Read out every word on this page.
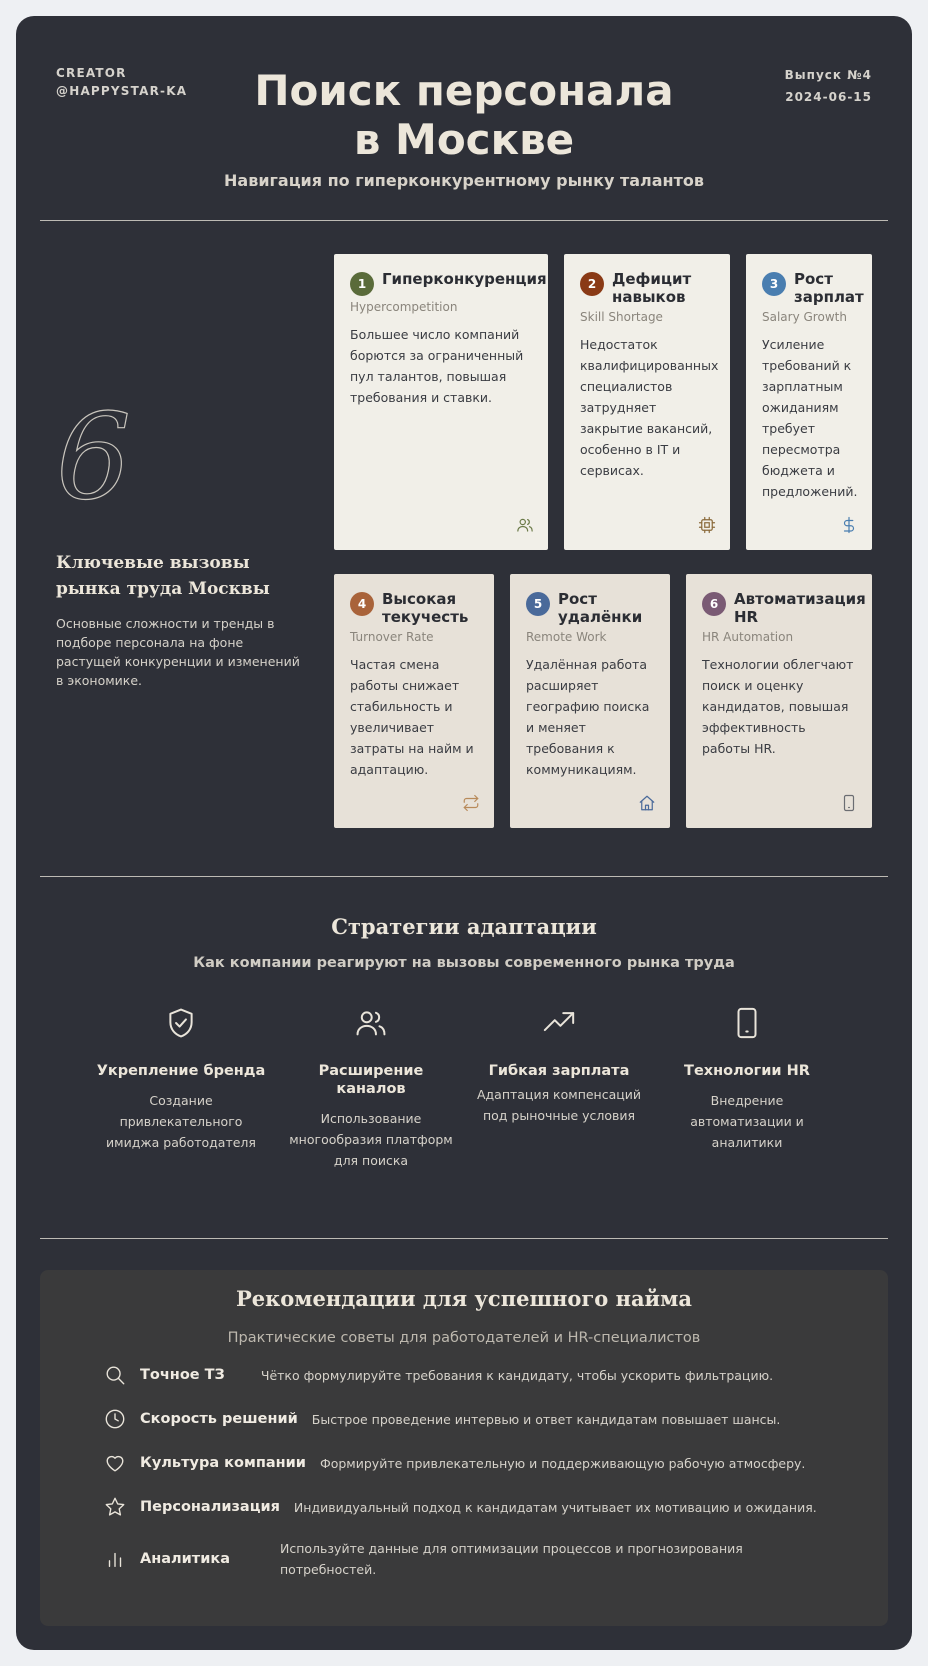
CREATOR @HAPPYSTAR-KA
Выпуск №4
2024-06-15
Поиск персонала в Москве
Навигация по гиперконкурентному рынку талантов
6
Ключевые вызовы рынка труда Москвы
Основные сложности и тренды в подборе персонала на фоне растущей конкуренции и изменений в экономике.
1	Гиперконкуренция
Hypercompetition
Большее число компаний борются за ограниченный пул талантов, повышая требования и ставки.
2	Дефицит навыков
Skill Shortage
Недостаток квалифицированных специалистов затрудняет закрытие вакансий, особенно в IT и сервисах.
3	Рост зарплат
Salary Growth
Усиление требований к зарплатным ожиданиям требует пересмотра бюджета и предложений.
4	Высокая текучесть
Turnover Rate
Частая смена работы снижает стабильность и увеличивает затраты на найм и адаптацию.
5	Рост удалёнки
Remote Work
Удалённая работа расширяет географию поиска и меняет требования к коммуникациям.
6	Автоматизация HR
HR Automation
Технологии облегчают поиск и оценку кандидатов, повышая эффективность работы HR.
Стратегии адаптации
Как компании реагируют на вызовы современного рынка труда
Укрепление бренда
Создание привлекательного имиджа работодателя
Расширение каналов
Использование многообразия платформ для поиска
Гибкая зарплата
Адаптация компенсаций под рыночные условия
Технологии HR
Внедрение автоматизации и аналитики
Рекомендации для успешного найма
Практические советы для работодателей и HR-специалистов
Точное ТЗ	Чётко формулируйте требования к кандидату, чтобы ускорить фильтрацию.
Скорость решений Быстрое проведение интервью и ответ кандидатам повышает шансы.
Культура компании Формируйте привлекательную и поддерживающую рабочую атмосферу.
Персонализация Индивидуальный подход к кандидатам учитывает их мотивацию и ожидания.
Аналитика
Используйте данные для оптимизации процессов и прогнозирования потребностей.
